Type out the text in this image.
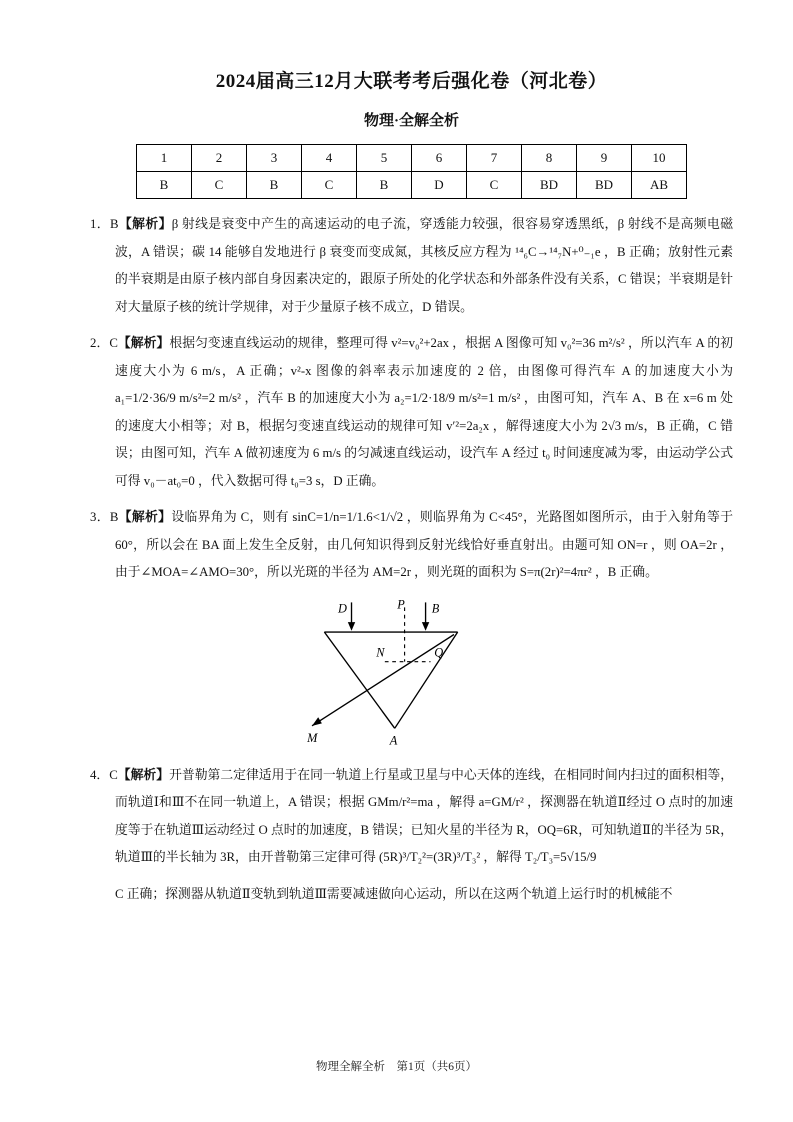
2024届高三12月大联考考后强化卷（河北卷）
物理·全解全析
1	2	3	4	5	6	7	8	9	10
B	C	B	C	B	D	C	BD	BD	AB

1．B【解析】β 射线是衰变中产生的高速运动的电子流，穿透能力较强，很容易穿透黑纸，β 射线不是高频电磁波，A 错误；碳 14 能够自发地进行 β 衰变而变成氮，其核反应方程为 ¹⁴₆C→¹⁴₇N+⁰₋₁e ，B 正确；放射性元素的半衰期是由原子核内部自身因素决定的，跟原子所处的化学状态和外部条件没有关系，C 错误；半衰期是针对大量原子核的统计学规律，对于少量原子核不成立，D 错误。

2．C【解析】根据匀变速直线运动的规律，整理可得 v²=v₀²+2ax ，根据 A 图像可知 v₀²=36 m²/s² ，所以汽车 A 的初速度大小为 6 m/s，A 正确；v²-x 图像的斜率表示加速度的 2 倍，由图像可得汽车 A 的加速度大小为 a₁=1/2·36/9 m/s²=2 m/s² ，汽车 B 的加速度大小为 a₂=1/2·18/9 m/s²=1 m/s² ，由图可知，汽车 A、B 在 x=6 m 处的速度大小相等；对 B，根据匀变速直线运动的规律可知 v′²=2a₂x ，解得速度大小为 2√3 m/s，B 正确，C 错误；由图可知，汽车 A 做初速度为 6 m/s 的匀减速直线运动，设汽车 A 经过 t₀ 时间速度减为零，由运动学公式可得 v₀－at₀=0 ，代入数据可得 t₀=3 s，D 正确。

3．B【解析】设临界角为 C，则有 sinC=1/n=1/1.6<1/√2 ，则临界角为 C<45°，光路图如图所示，由于入射角等于60°，所以会在 BA 面上发生全反射，由几何知识得到反射光线恰好垂直射出。由题可知 ON=r ，则 OA=2r ，由于∠MOA=∠AMO=30°，所以光斑的半径为 AM=2r ，则光斑的面积为 S=π(2r)²=4πr² ，B 正确。

D	P	B
N	Q
M	A

4．C【解析】开普勒第二定律适用于在同一轨道上行星或卫星与中心天体的连线，在相同时间内扫过的面积相等，而轨道Ⅰ和Ⅲ不在同一轨道上，A 错误；根据 GMm/r²=ma ，解得 a=GM/r² ，探测器在轨道Ⅱ经过 O 点时的加速度等于在轨道Ⅲ运动经过 O 点时的加速度，B 错误；已知火星的半径为 R，OQ=6R，可知轨道Ⅱ的半径为 5R，轨道Ⅲ的半长轴为 3R，由开普勒第三定律可得 (5R)³/T₂²=(3R)³/T₃² ，解得 T₂/T₃=5√15/9

C 正确；探测器从轨道Ⅱ变轨到轨道Ⅲ需要减速做向心运动，所以在这两个轨道上运行时的机械能不

物理全解全析　第1页（共6页）
